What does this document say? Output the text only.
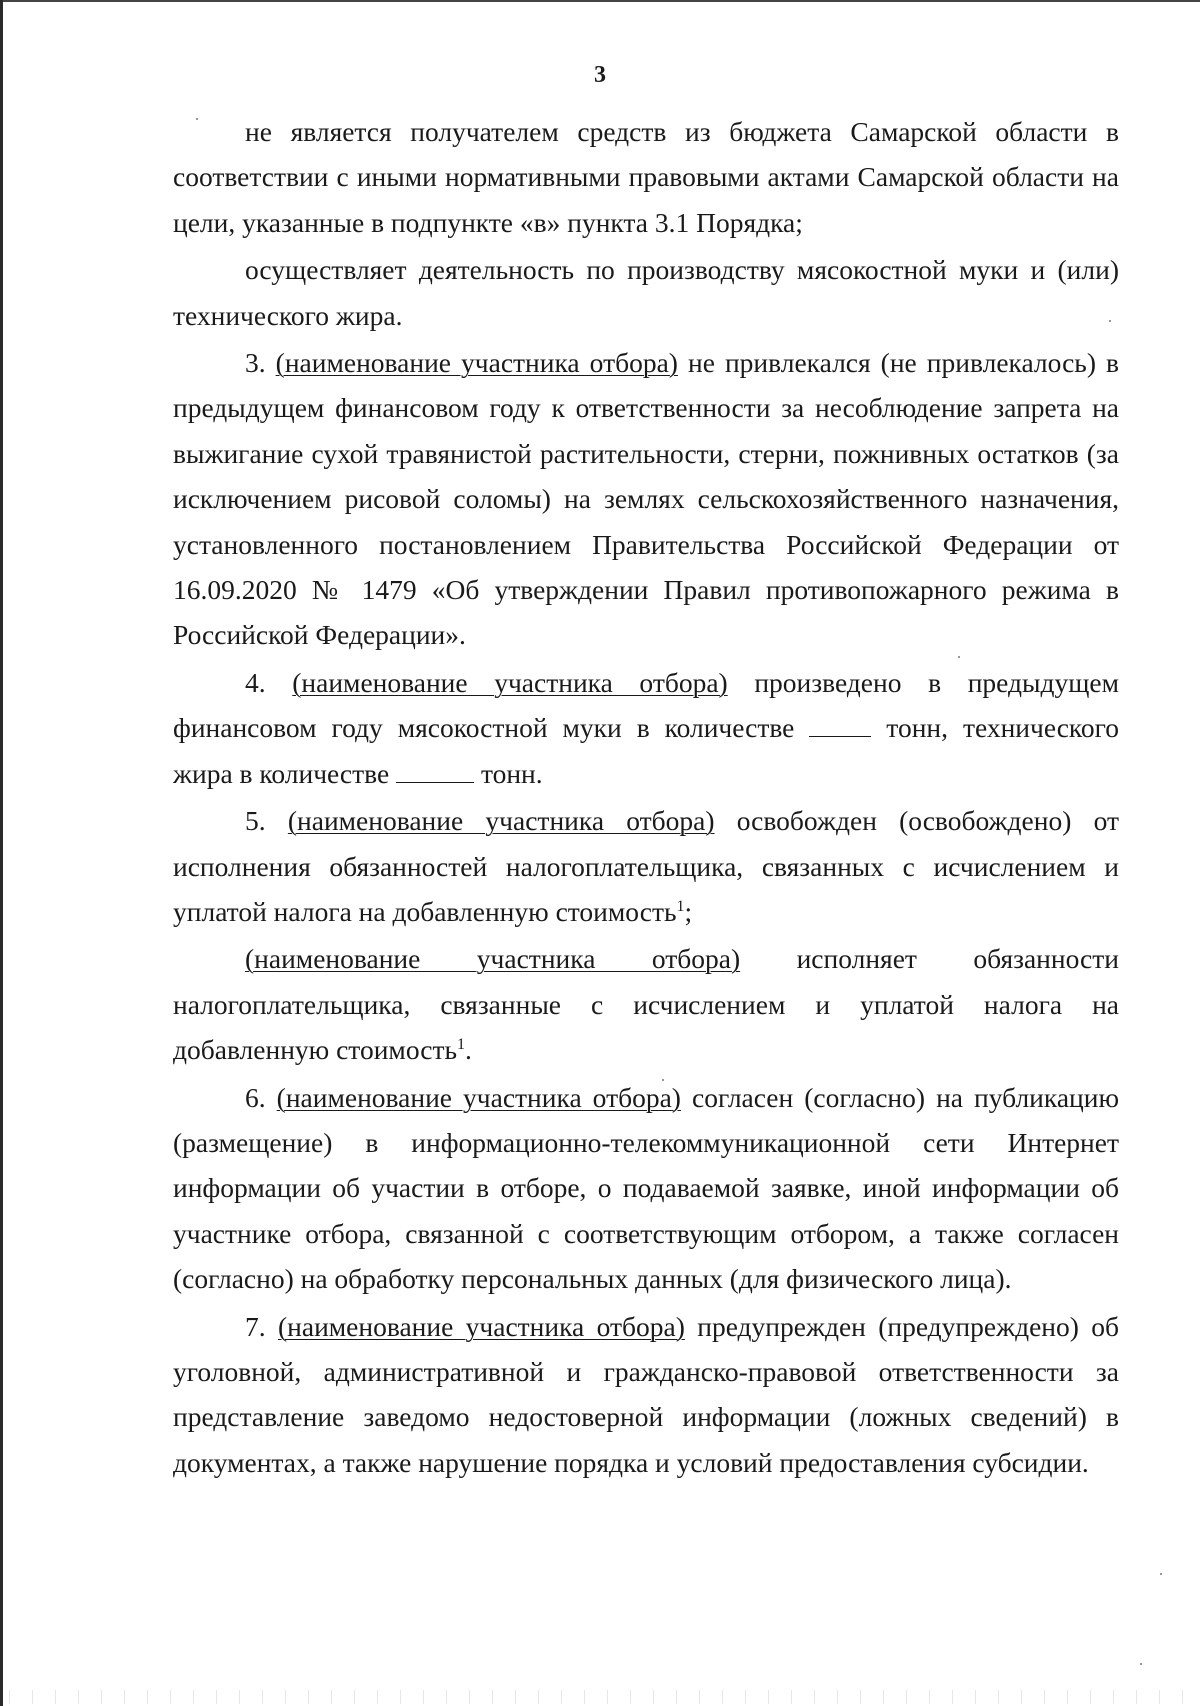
3

не является получателем средств из бюджета Самарской области в соответствии с иными нормативными правовыми актами Самарской области на цели, указанные в подпункте «в» пункта 3.1 Порядка;

осуществляет деятельность по производству мясокостной муки и (или) технического жира.

3. (наименование участника отбора) не привлекался (не привлекалось) в предыдущем финансовом году к ответственности за несоблюдение запрета на выжигание сухой травянистой растительности, стерни, пожнивных остатков (за исключением рисовой соломы) на землях сельскохозяйственного назначения, установленного постановлением Правительства Российской Федерации от 16.09.2020 № 1479 «Об утверждении Правил противопожарного режима в Российской Федерации».

4. (наименование участника отбора) произведено в предыдущем финансовом году мясокостной муки в количестве	тонн, технического жира в количестве	тонн.

5. (наименование участника отбора) освобожден (освобождено) от исполнения обязанностей налогоплательщика, связанных с исчислением и уплатой налога на добавленную стоимость$^1$;

(наименование участника отбора) исполняет обязанности налогоплательщика, связанные с исчислением и уплатой налога на добавленную стоимость$^1$.

6. (наименование участника отбора) согласен (согласно) на публикацию (размещение) в информационно-телекоммуникационной сети Интернет информации об участии в отборе, о подаваемой заявке, иной информации об участнике отбора, связанной с соответствующим отбором, а также согласен (согласно) на обработку персональных данных (для физического лица).

7. (наименование участника отбора) предупрежден (предупреждено) об уголовной, административной и гражданско-правовой ответственности за представление заведомо недостоверной информации (ложных сведений) в документах, а также нарушение порядка и условий предоставления субсидии.
